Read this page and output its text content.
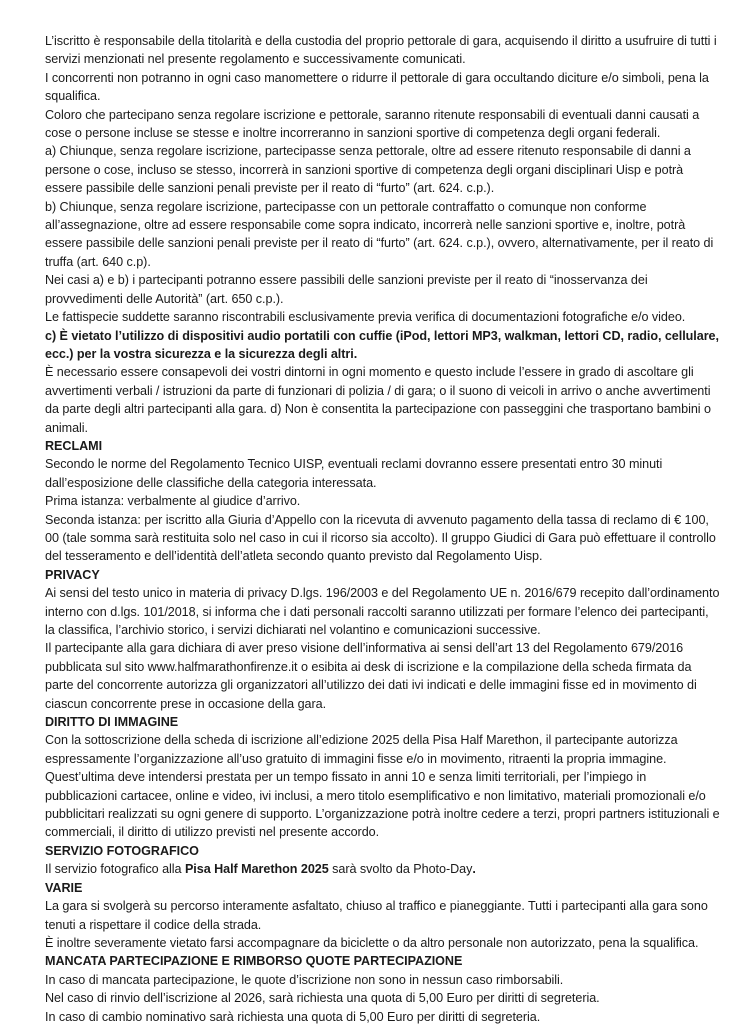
L’iscritto è responsabile della titolarità e della custodia del proprio pettorale di gara, acquisendo il diritto a usufruire di tutti i servizi menzionati nel presente regolamento e successivamente comunicati.

I concorrenti non potranno in ogni caso manomettere o ridurre il pettorale di gara occultando diciture e/o simboli, pena la squalifica.

Coloro che partecipano senza regolare iscrizione e pettorale, saranno ritenute responsabili di eventuali danni causati a cose o persone incluse se stesse e inoltre incorreranno in sanzioni sportive di competenza degli organi federali.

a) Chiunque, senza regolare iscrizione, partecipasse senza pettorale, oltre ad essere ritenuto responsabile di danni a persone o cose, incluso se stesso, incorrerà in sanzioni sportive di competenza degli organi disciplinari Uisp e potrà essere passibile delle sanzioni penali previste per il reato di “furto” (art. 624. c.p.).

b) Chiunque, senza regolare iscrizione, partecipasse con un pettorale contraffatto o comunque non conforme all’assegnazione, oltre ad essere responsabile come sopra indicato, incorrerà nelle sanzioni sportive e, inoltre, potrà essere passibile delle sanzioni penali previste per il reato di “furto” (art. 624. c.p.), ovvero, alternativamente, per il reato di truffa (art. 640 c.p).

Nei casi a) e b) i partecipanti potranno essere passibili delle sanzioni previste per il reato di “inosservanza dei provvedimenti delle Autorità” (art. 650 c.p.).

Le fattispecie suddette saranno riscontrabili esclusivamente previa verifica di documentazioni fotografiche e/o video.

c) È vietato l’utilizzo di dispositivi audio portatili con cuffie (iPod, lettori MP3, walkman, lettori CD, radio, cellulare, ecc.) per la vostra sicurezza e la sicurezza degli altri.

È necessario essere consapevoli dei vostri dintorni in ogni momento e questo include l’essere in grado di ascoltare gli avvertimenti verbali / istruzioni da parte di funzionari di polizia / di gara; o il suono di veicoli in arrivo o anche avvertimenti da parte degli altri partecipanti alla gara. d) Non è consentita la partecipazione con passeggini che trasportano bambini o animali.

RECLAMI

Secondo le norme del Regolamento Tecnico UISP, eventuali reclami dovranno essere presentati entro 30 minuti dall’esposizione delle classifiche della categoria interessata.

Prima istanza: verbalmente al giudice d’arrivo.

Seconda istanza: per iscritto alla Giuria d’Appello con la ricevuta di avvenuto pagamento della tassa di reclamo di € 100, 00 (tale somma sarà restituita solo nel caso in cui il ricorso sia accolto). Il gruppo Giudici di Gara può effettuare il controllo del tesseramento e dell’identità dell’atleta secondo quanto previsto dal Regolamento Uisp.

PRIVACY

Ai sensi del testo unico in materia di privacy D.lgs. 196/2003 e del Regolamento UE n. 2016/679 recepito dall’ordinamento interno con d.lgs. 101/2018, si informa che i dati personali raccolti saranno utilizzati per formare l’elenco dei partecipanti, la classifica, l’archivio storico, i servizi dichiarati nel volantino e comunicazioni successive.

Il partecipante alla gara dichiara di aver preso visione dell’informativa ai sensi dell’art 13 del Regolamento 679/2016 pubblicata sul sito www.halfmarathonfirenze.it o esibita ai desk di iscrizione e la compilazione della scheda firmata da parte del concorrente autorizza gli organizzatori all’utilizzo dei dati ivi indicati e delle immagini fisse ed in movimento di ciascun concorrente prese in occasione della gara.

DIRITTO DI IMMAGINE

Con la sottoscrizione della scheda di iscrizione all’edizione 2025 della Pisa Half Marethon, il partecipante autorizza espressamente l’organizzazione all’uso gratuito di immagini fisse e/o in movimento, ritraenti la propria immagine.

Quest’ultima deve intendersi prestata per un tempo fissato in anni 10 e senza limiti territoriali, per l’impiego in pubblicazioni cartacee, online e video, ivi inclusi, a mero titolo esemplificativo e non limitativo, materiali promozionali e/o pubblicitari realizzati su ogni genere di supporto. L’organizzazione potrà inoltre cedere a terzi, propri partners istituzionali e commerciali, il diritto di utilizzo previsti nel presente accordo.

SERVIZIO FOTOGRAFICO

Il servizio fotografico alla Pisa Half Marethon 2025 sarà svolto da Photo-Day.

VARIE

La gara si svolgerà su percorso interamente asfaltato, chiuso al traffico e pianeggiante. Tutti i partecipanti alla gara sono tenuti a rispettare il codice della strada.

È inoltre severamente vietato farsi accompagnare da biciclette o da altro personale non autorizzato, pena la squalifica.

MANCATA PARTECIPAZIONE E RIMBORSO QUOTE PARTECIPAZIONE

In caso di mancata partecipazione, le quote d’iscrizione non sono in nessun caso rimborsabili.

Nel caso di rinvio dell’iscrizione al 2026, sarà richiesta una quota di 5,00 Euro per diritti di segreteria.

In caso di cambio nominativo sarà richiesta una quota di 5,00 Euro per diritti di segreteria.
